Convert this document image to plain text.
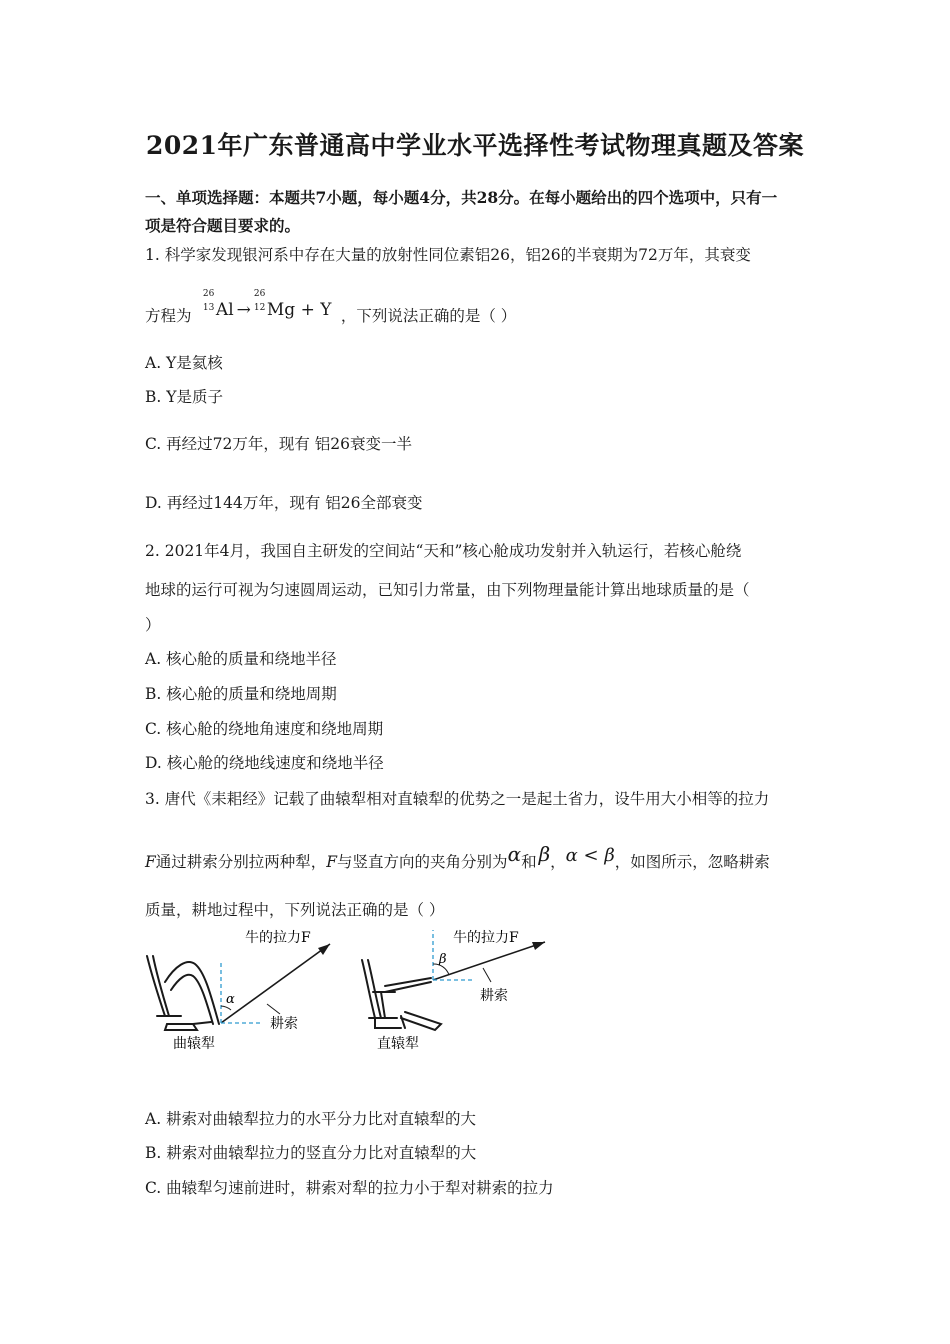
2021年广东普通高中学业水平选择性考试物理真题及答案
一、单项选择题：本题共7小题，每小题4分，共28分。在每小题给出的四个选项中，只有一
项是符合题目要求的。
1. 科学家发现银河系中存在大量的放射性同位素铝26，铝26的半衰期为72万年，其衰变
方程为
26
13 Al →
26
12 Mg + Y ，下列说法正确的是（ ）
A. Y是氦核
B. Y是质子
C. 再经过72万年，现有 铝26衰变一半
D. 再经过144万年，现有 铝26全部衰变
2. 2021年4月，我国自主研发的空间站“天和”核心舱成功发射并入轨运行，若核心舱绕
地球的运行可视为匀速圆周运动，已知引力常量，由下列物理量能计算出地球质量的是（
）
A. 核心舱的质量和绕地半径
B. 核心舱的质量和绕地周期
C. 核心舱的绕地角速度和绕地周期
D. 核心舱的绕地线速度和绕地半径
3. 唐代《耒耜经》记载了曲辕犁相对直辕犁的优势之一是起土省力，设牛用大小相等的拉力
F通过耕索分别拉两种犁，F与竖直方向的夹角分别为α和 β，α < β，如图所示，忽略耕索
质量，耕地过程中，下列说法正确的是（ ）
牛的拉力F
α
耕索
曲辕犁
牛的拉力F
β
耕索
直辕犁
A. 耕索对曲辕犁拉力的水平分力比对直辕犁的大
B. 耕索对曲辕犁拉力的竖直分力比对直辕犁的大
C. 曲辕犁匀速前进时，耕索对犁的拉力小于犁对耕索的拉力
